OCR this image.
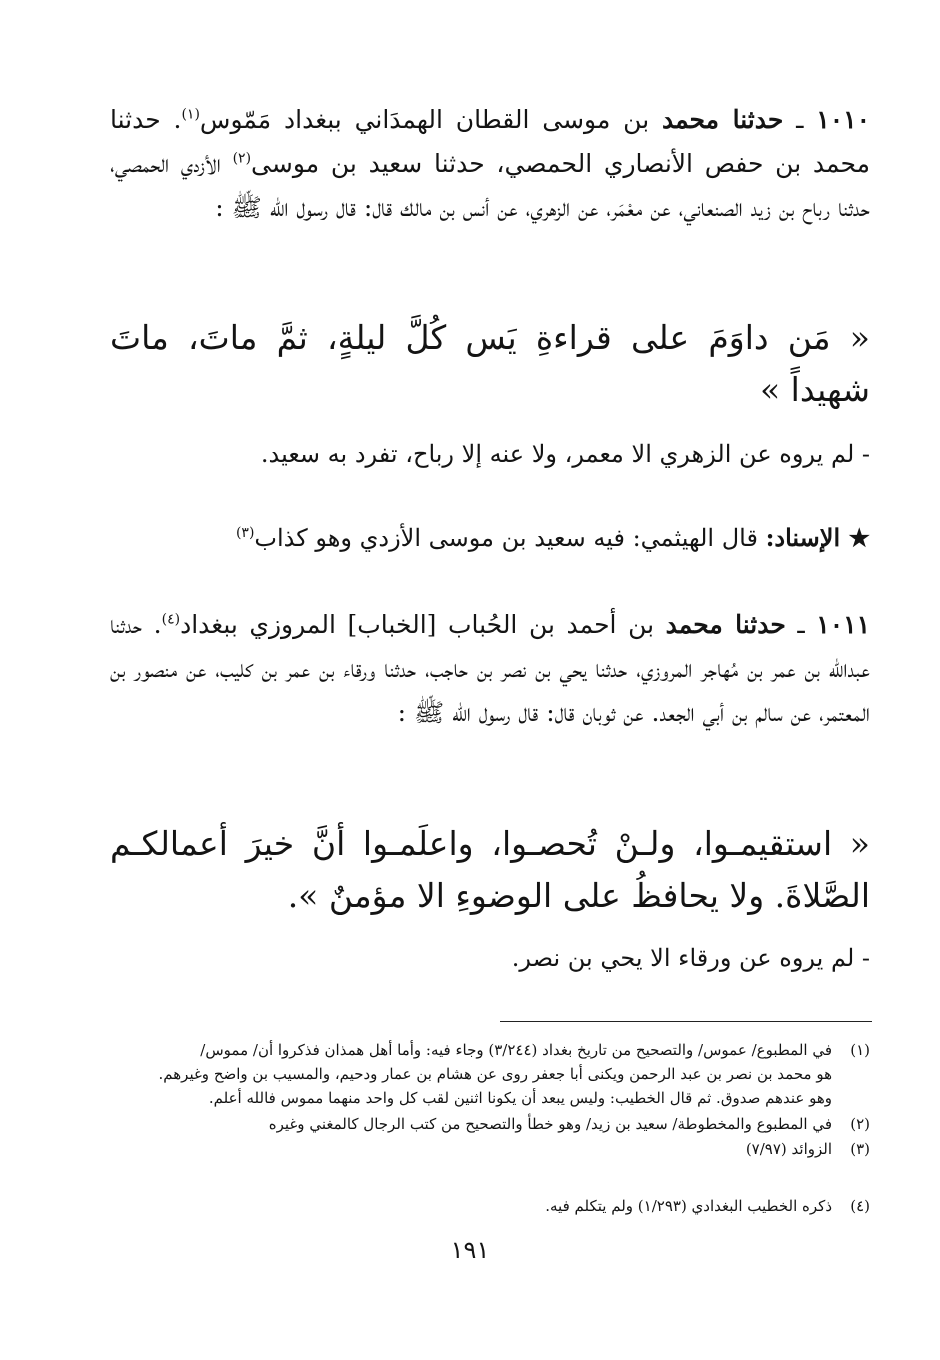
١٠١٠ ـ حدثنا محمد بن موسى القطان الهمدَاني ببغداد مَمّوس$^{(١)}$. حدثنا محمد بن حفص الأنصاري الحمصي، حدثنا سعيد بن موسى$^{(٢)}$ الأزدي الحمصي، حدثنا رباح بن زيد الصنعاني، عن معْمَر، عن الزهري، عن أنس بن مالك قال: قال رسول الله ﷺ :
« مَن داوَمَ على قراءةِ يَس كُلَّ ليلةٍ، ثمَّ ماتَ، ماتَ شهيداً »
- لم يروه عن الزهري الا معمر، ولا عنه إلا رباح، تفرد به سعيد.
★ الإسناد: قال الهيثمي: فيه سعيد بن موسى الأزدي وهو كذاب$^{(٣)}$
١٠١١ ـ حدثنا محمد بن أحمد بن الحُباب [الخباب] المروزي ببغداد$^{(٤)}$. حدثنا عبدالله بن عمر بن مُهاجر المروزي، حدثنا يحي بن نصر بن حاجب، حدثنا ورقاء بن عمر بن كليب، عن منصور بن المعتمر، عن سالم بن أبي الجعد. عن ثوبان قال: قال رسول الله ﷺ :
« استقيمـوا، ولـنْ تُحصـوا، واعلَمـوا أنَّ خيرَ أعمالكـم الصَّلاةَ. ولا يحافظُ على الوضوءِ الا مؤمنٌ ».
- لم يروه عن ورقاء الا يحي بن نصر.
(١)في المطبوع/ عموس/ والتصحيح من تاريخ بغداد (٣/٢٤٤) وجاء فيه: وأما أهل همذان فذكروا أن/ مموس/
هو محمد بن نصر بن عبد الرحمن ويكنى أبا جعفر روى عن هشام بن عمار ودحيم، والمسيب بن واضح وغيرهم.
وهو عندهم صدوق. ثم قال الخطيب: وليس يبعد أن يكونا اثنين لقب كل واحد منهما مموس فالله أعلم.
(٢)في المطبوع والمخطوطة/ سعيد بن زيد/ وهو خطأ والتصحيح من كتب الرجال كالمغني وغيره
(٣)الزوائد (٧/٩٧)
(٤)ذكره الخطيب البغدادي (١/٢٩٣) ولم يتكلم فيه.
١٩١
